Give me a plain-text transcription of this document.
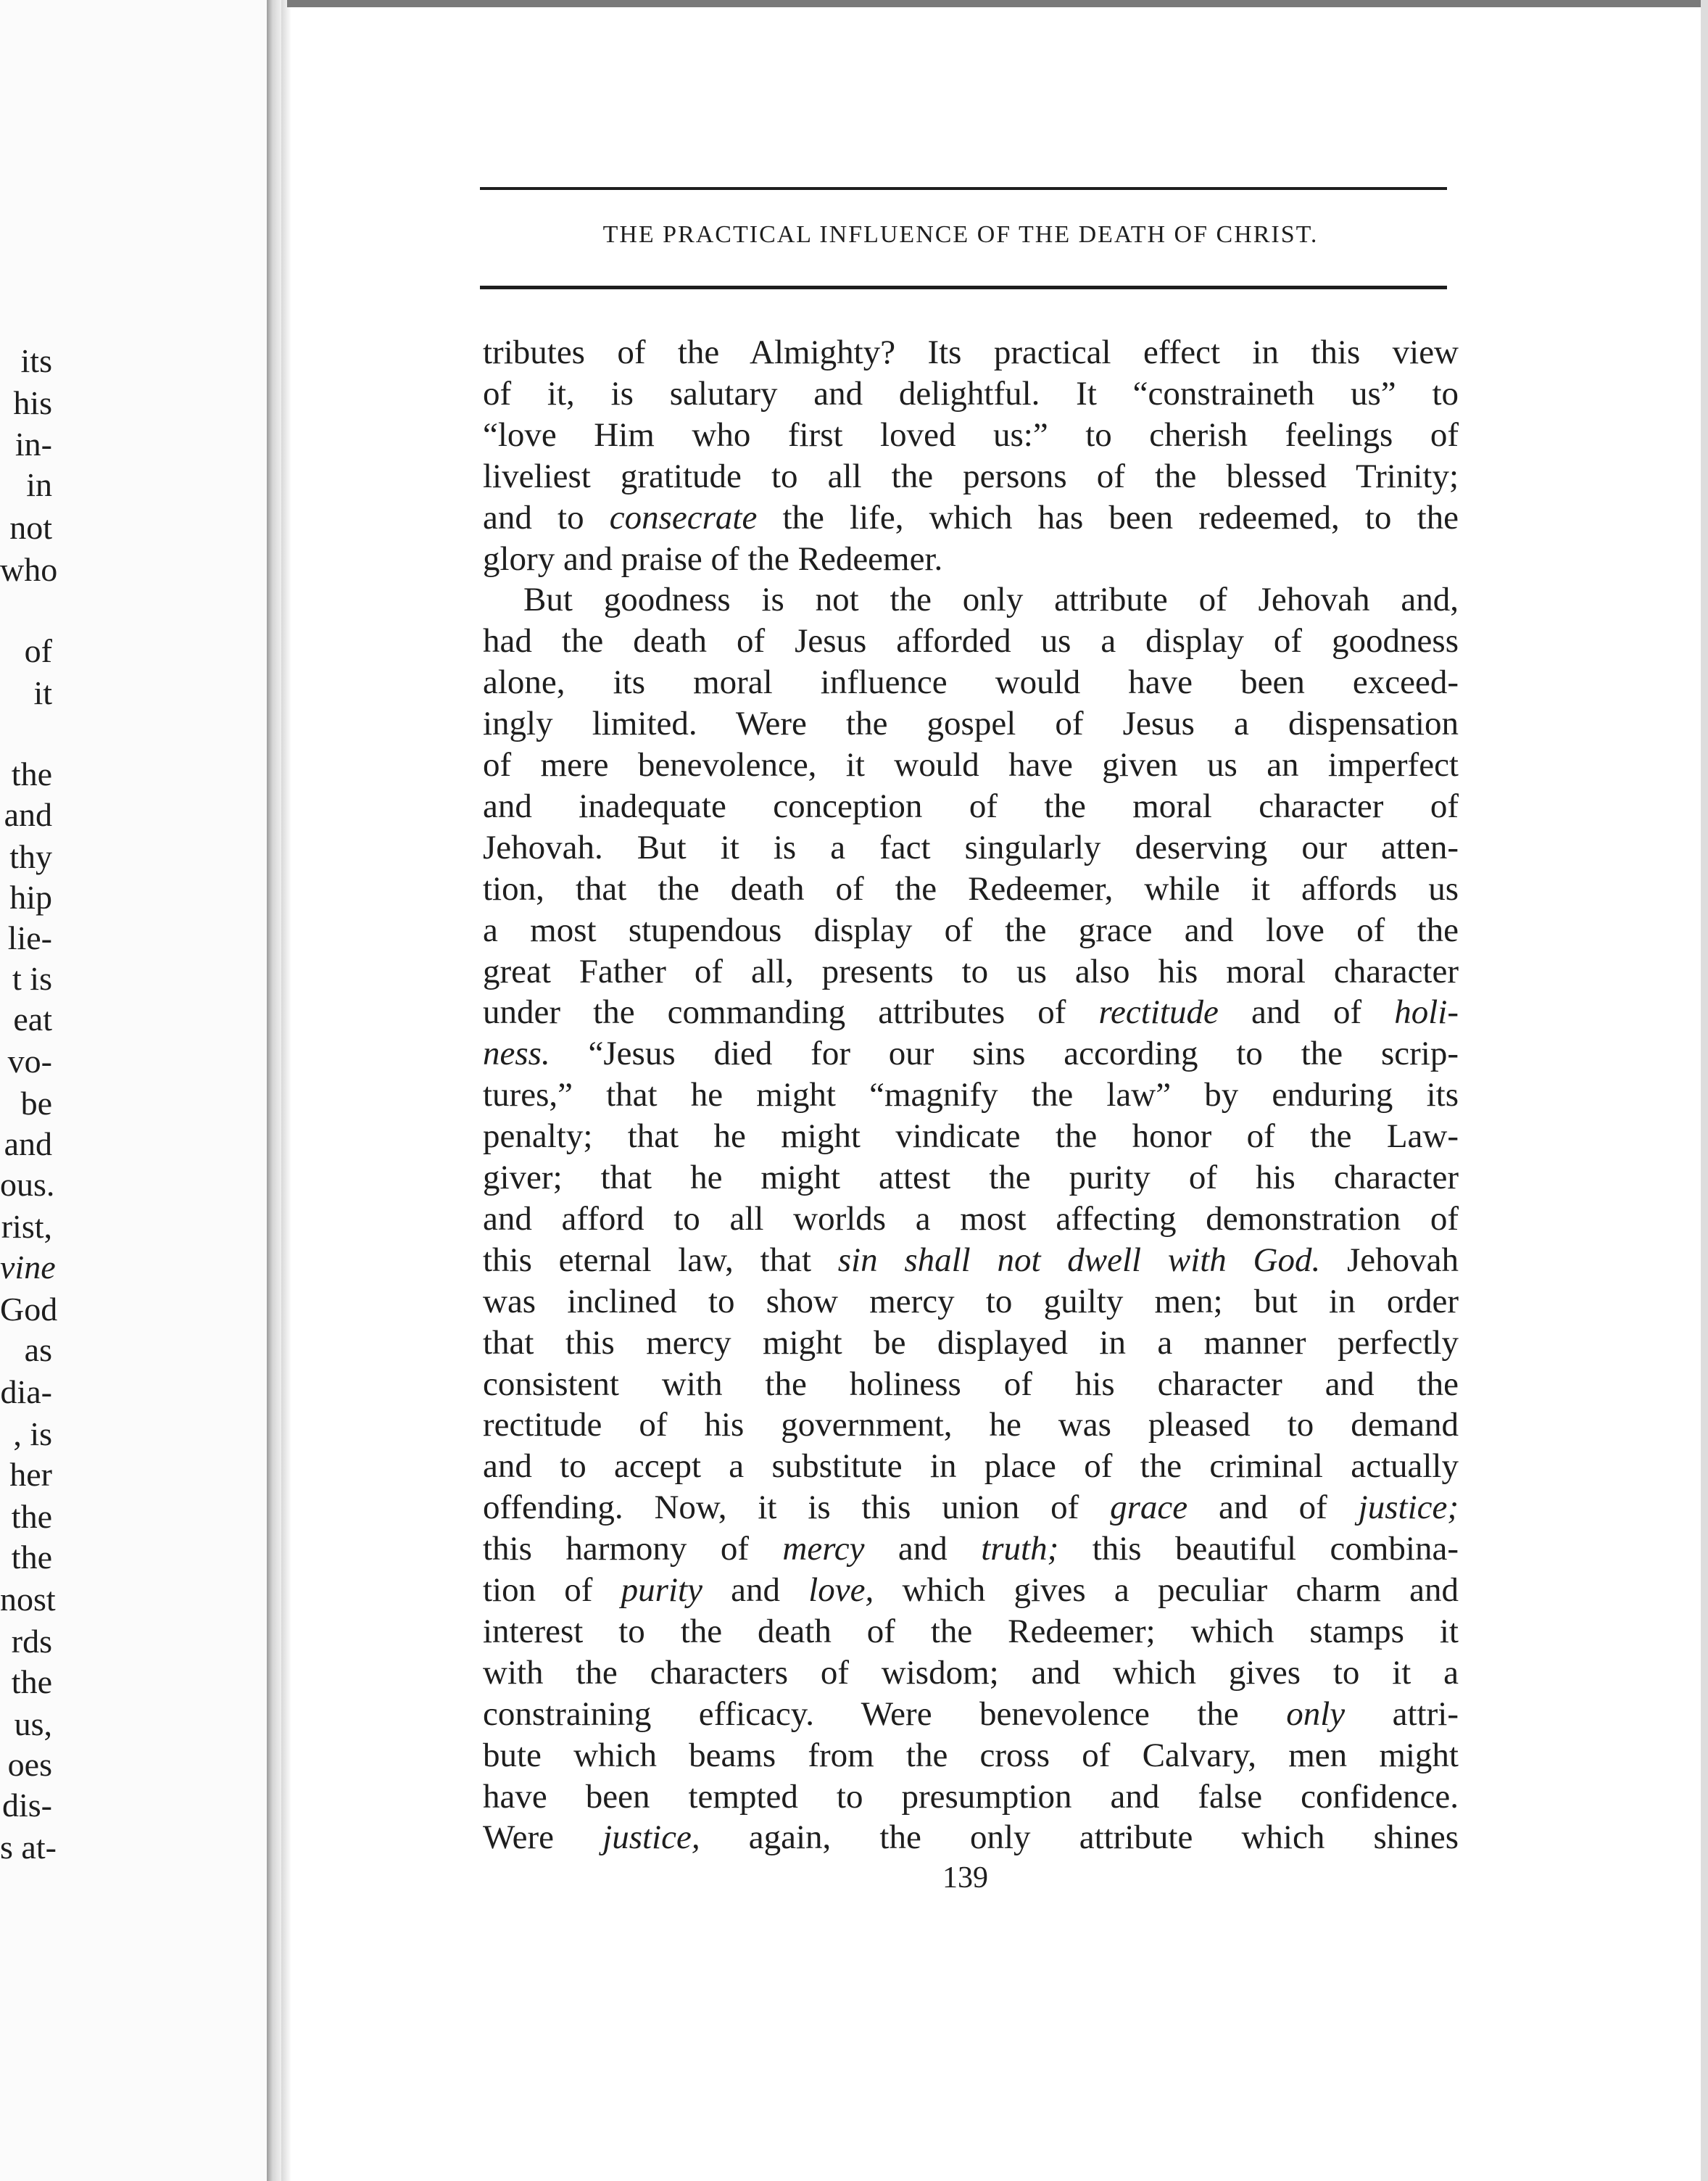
its
his
in-
in
not
who
of
it
the
and
thy
hip
lie-
t is
eat
vo-
be
and
ous.
rist,
vine
God
as
dia-
, is
her
the
the
nost
rds
the
us,
oes
dis-
s at-
THE PRACTICAL INFLUENCE OF THE DEATH OF CHRIST.
tributes of the Almighty? Its practical effect in this view
of it, is salutary and delightful. It “constraineth us” to
“love Him who first loved us:” to cherish feelings of
liveliest gratitude to all the persons of the blessed Trinity;
and to consecrate the life, which has been redeemed, to the
glory and praise of the Redeemer.
But goodness is not the only attribute of Jehovah and,
had the death of Jesus afforded us a display of goodness
alone, its moral influence would have been exceed-
ingly limited. Were the gospel of Jesus a dispensation
of mere benevolence, it would have given us an imperfect
and inadequate conception of the moral character of
Jehovah. But it is a fact singularly deserving our atten-
tion, that the death of the Redeemer, while it affords us
a most stupendous display of the grace and love of the
great Father of all, presents to us also his moral character
under the commanding attributes of rectitude and of holi-
ness. “Jesus died for our sins according to the scrip-
tures,” that he might “magnify the law” by enduring its
penalty; that he might vindicate the honor of the Law-
giver; that he might attest the purity of his character
and afford to all worlds a most affecting demonstration of
this eternal law, that sin shall not dwell with God. Jehovah
was inclined to show mercy to guilty men; but in order
that this mercy might be displayed in a manner perfectly
consistent with the holiness of his character and the
rectitude of his government, he was pleased to demand
and to accept a substitute in place of the criminal actually
offending. Now, it is this union of grace and of justice;
this harmony of mercy and truth; this beautiful combina-
tion of purity and love, which gives a peculiar charm and
interest to the death of the Redeemer; which stamps it
with the characters of wisdom; and which gives to it a
constraining efficacy. Were benevolence the only attri-
bute which beams from the cross of Calvary, men might
have been tempted to presumption and false confidence.
Were justice, again, the only attribute which shines
139
